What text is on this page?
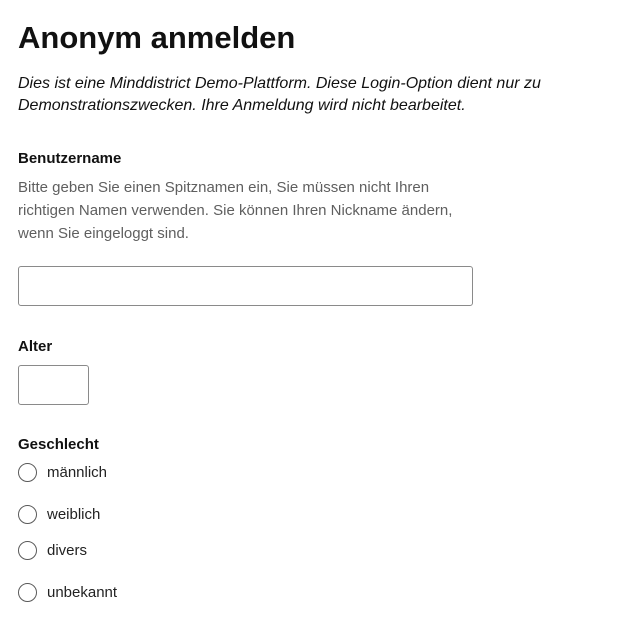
Anonym anmelden

Dies ist eine Minddistrict Demo-Plattform. Diese Login-Option dient nur zu Demonstrationszwecken. Ihre Anmeldung wird nicht bearbeitet.

Benutzername

Bitte geben Sie einen Spitznamen ein, Sie müssen nicht Ihren richtigen Namen verwenden. Sie können Ihren Nickname ändern, wenn Sie eingeloggt sind.

Alter
Geschlecht
männlich
weiblich
divers
unbekannt
